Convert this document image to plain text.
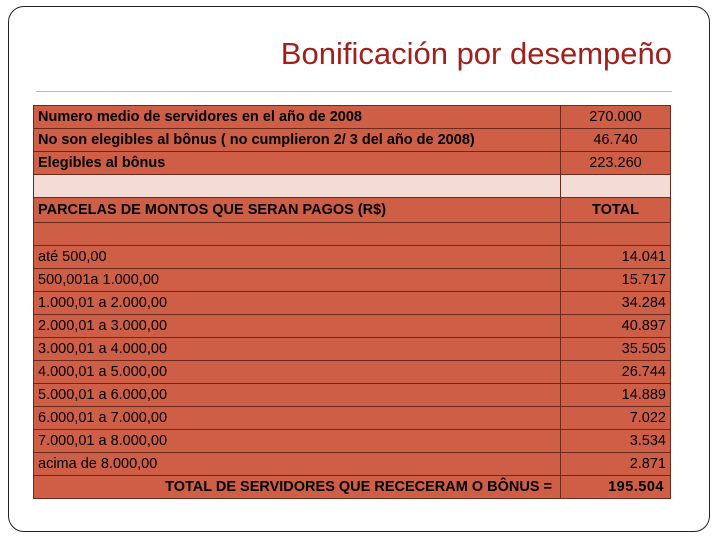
Bonificación por desempeño
Numero medio de servidores en el año de 2008	270.000
No son elegibles al bônus ( no cumplieron 2/ 3 del año de 2008)	46.740
Elegibles al bônus	223.260

PARCELAS DE MONTOS QUE SERAN PAGOS (R$)	TOTAL

até 500,00	14.041
500,001a 1.000,00	15.717
1.000,01 a 2.000,00	34.284
2.000,01 a 3.000,00	40.897
3.000,01 a 4.000,00	35.505
4.000,01 a 5.000,00	26.744
5.000,01 a 6.000,00	14.889
6.000,01 a 7.000,00	7.022
7.000,01 a 8.000,00	3.534
acima de 8.000,00	2.871
TOTAL DE SERVIDORES QUE RECECERAM O BÔNUS =	195.504
